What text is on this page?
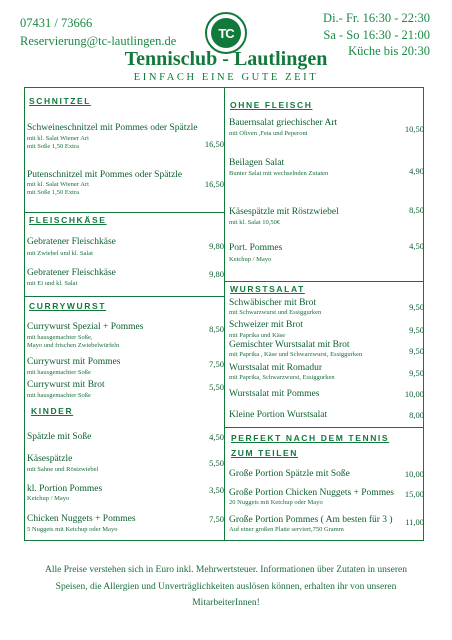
07431 / 73666
Reservierung@tc-lautlingen.de
TC
Di.- Fr. 16:30 - 22:30
Sa - So 16:30 - 21:00
Küche bis 20:30
Tennisclub - Lautlingen
EINFACH EINE GUTE ZEIT
SCHNITZEL
Schweineschnitzel mit Pommes oder Spätzle
mit kl. Salat Wiener Art
mit Soße 1,50 Extra	16,50
Putenschnitzel mit Pommes oder Spätzle
mit kl. Salat Wiener Art
mit Soße 1,50 Extra
16,50
FLEISCHKÄSE
Gebratener Fleischkäse
mit Zwiebel und kl. Salat
9,80
Gebratener Fleischkäse
mit Ei und kl. Salat
9,80
CURRYWURST
Currywurst Spezial + Pommes
mit hausgemachter Soße,
Mayo und frischen Zwiebelwürfeln
8,50
Currywurst mit Pommes
mit hausgemachter Soße
7,50
Currywurst mit Brot
mit hausgemachter Soße
5,50
KINDER
Spätzle mit Soße	4,50
Käsespätzle
mit Sahne und Röstzwiebel
5,50
kl. Portion Pommes
Ketchup / Mayo
3,50
Chicken Nuggets + Pommes
5 Nuggets mit Ketchup oder Mayo
7,50
OHNE FLEISCH
Bauernsalat griechischer Art
mit Oliven ,Feta und Peperoni	10,50
Beilagen Salat
Bunter Salat mit wechselnden Zutaten	4,90
Käsespätzle mit Röstzwiebel
mit kl. Salat 10,50€
8,50
Port. Pommes
Ketchup / Mayo
4,50
WURSTSALAT
Schwäbischer mit Brot
mit Schwarzwurst und Essiggurken
9,50
Schweizer mit Brot
mit Paprika und Käse
9,50
Gemischter Wurstsalat mit Brot
mit Paprika , Käse und Schwarzwurst, Essiggurken	9,50
Wurstsalat mit Romadur
mit Paprika, Schwarzwurst, Essiggurken	9,50
Wurstsalat mit Pommes	10,00
Kleine Portion Wurstsalat	8,00
PERFEKT NACH DEM TENNIS
ZUM TEILEN
Große Portion Spätzle mit Soße	10,00
Große Portion Chicken Nuggets + Pommes
20 Nuggets mit Ketchup oder Mayo
15,00
Große Portion Pommes ( Am besten für 3 )
Auf einer großen Platte serviert,750 Gramm
11,00
Alle Preise verstehen sich in Euro inkl. Mehrwertsteuer. Informationen über Zutaten in unseren
Speisen, die Allergien und Unverträglichkeiten auslösen können, erhalten ihr von unseren
MitarbeiterInnen!
